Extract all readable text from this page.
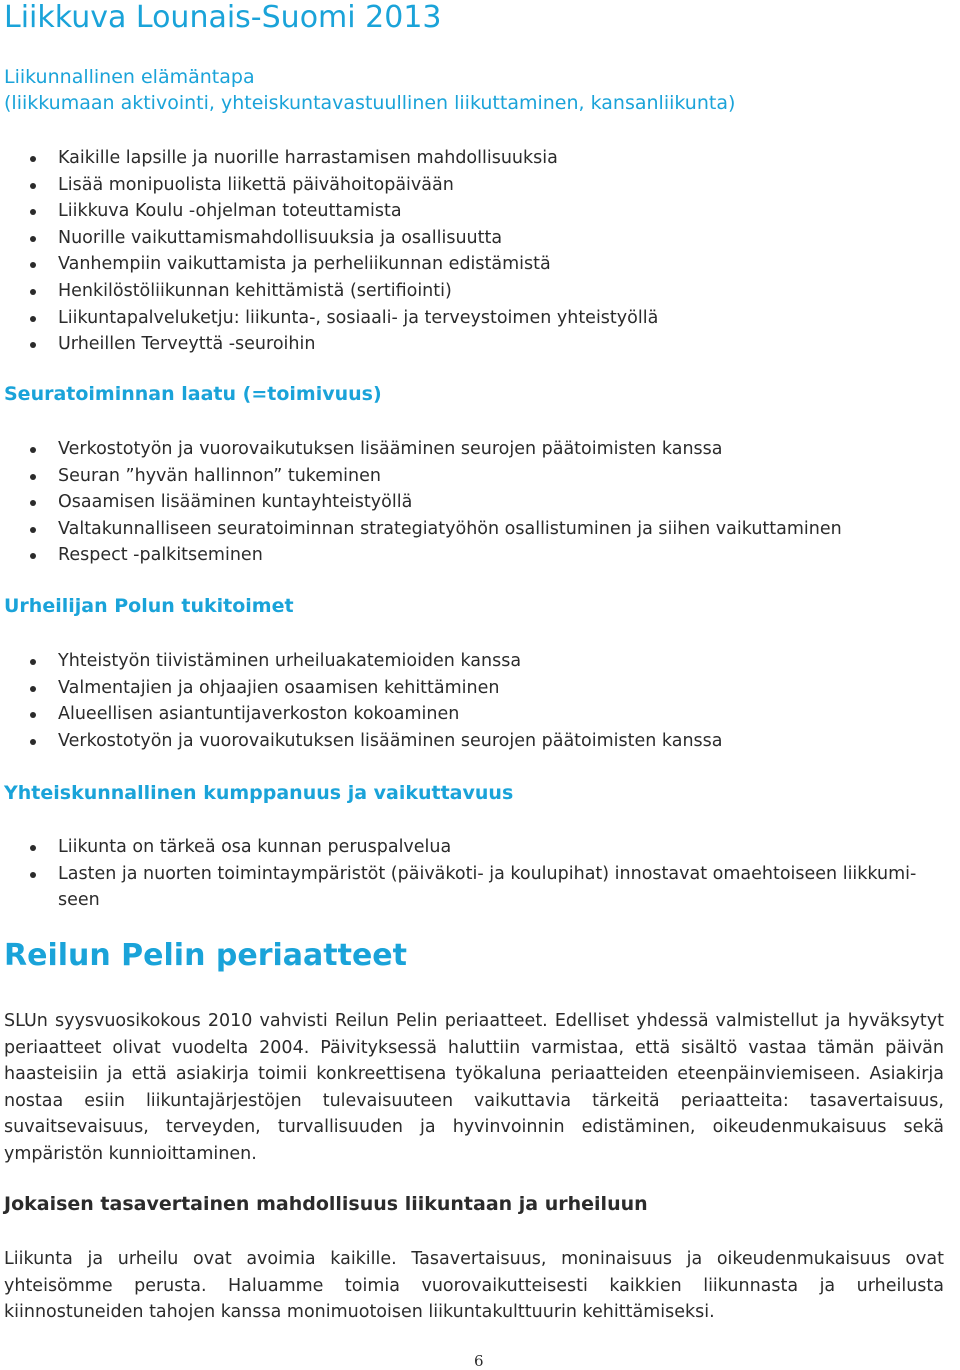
Liikkuva Lounais-Suomi 2013
Liikunnallinen elämäntapa
(liikkumaan aktivointi, yhteiskuntavastuullinen liikuttaminen, kansanliikunta)
Kaikille lapsille ja nuorille harrastamisen mahdollisuuksia
Lisää monipuolista liikettä päivähoitopäivään
Liikkuva Koulu -ohjelman toteuttamista
Nuorille vaikuttamismahdollisuuksia ja osallisuutta
Vanhempiin vaikuttamista ja perheliikunnan edistämistä
Henkilöstöliikunnan kehittämistä (sertifiointi)
Liikuntapalveluketju: liikunta-, sosiaali- ja terveystoimen yhteistyöllä
Urheillen Terveyttä -seuroihin
Seuratoiminnan laatu (=toimivuus)
Verkostotyön ja vuorovaikutuksen lisääminen seurojen päätoimisten kanssa
Seuran ”hyvän hallinnon” tukeminen
Osaamisen lisääminen kuntayhteistyöllä
Valtakunnalliseen seuratoiminnan strategiatyöhön osallistuminen ja siihen vaikuttaminen
Respect -palkitseminen
Urheilijan Polun tukitoimet
Yhteistyön tiivistäminen urheiluakatemioiden kanssa
Valmentajien ja ohjaajien osaamisen kehittäminen
Alueellisen asiantuntijaverkoston kokoaminen
Verkostotyön ja vuorovaikutuksen lisääminen seurojen päätoimisten kanssa
Yhteiskunnallinen kumppanuus ja vaikuttavuus
Liikunta on tärkeä osa kunnan peruspalvelua
Lasten ja nuorten toimintaympäristöt (päiväkoti- ja koulupihat) innostavat omaehtoiseen liikkumi-seen
Reilun Pelin periaatteet

SLUn syysvuosikokous 2010 vahvisti Reilun Pelin periaatteet. Edelliset yhdessä valmistellut ja hyväksytyt periaatteet olivat vuodelta 2004. Päivityksessä haluttiin varmistaa, että sisältö vastaa tämän päivän haasteisiin ja että asiakirja toimii konkreettisena työkaluna periaatteiden eteenpäinviemiseen. Asiakirja nostaa esiin liikuntajärjestöjen tulevaisuuteen vaikuttavia tärkeitä periaatteita: tasavertaisuus, suvaitsevaisuus, terveyden, turvallisuuden ja hyvinvoinnin edistäminen, oikeudenmukaisuus sekä ympäristön kunnioittaminen.

Jokaisen tasavertainen mahdollisuus liikuntaan ja urheiluun

Liikunta ja urheilu ovat avoimia kaikille. Tasavertaisuus, moninaisuus ja oikeudenmukaisuus ovat yhteisömme perusta. Haluamme toimia vuorovaikutteisesti kaikkien liikunnasta ja urheilusta kiinnostuneiden tahojen kanssa monimuotoisen liikuntakulttuurin kehittämiseksi.

6
